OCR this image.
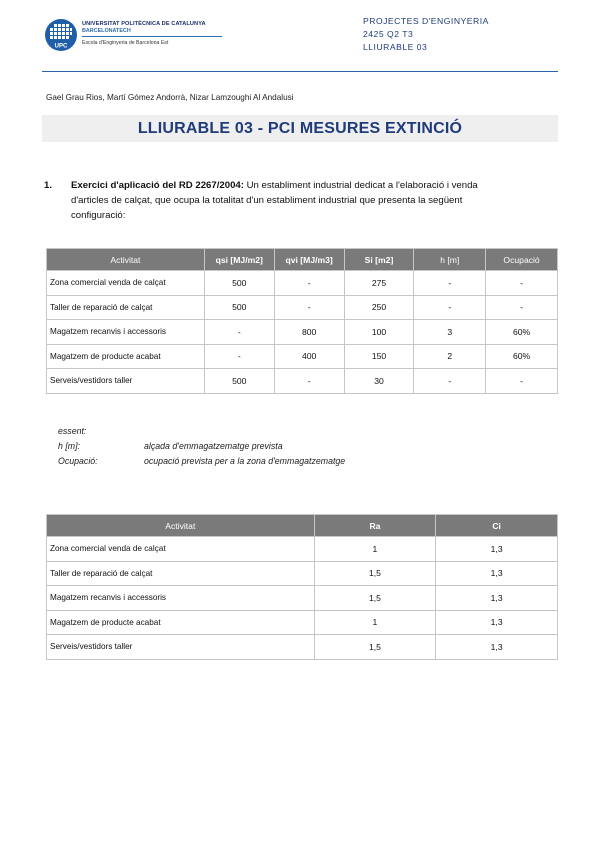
UPC
UNIVERSITAT POLITÈCNICA DE CATALUNYA
BARCELONATECH
Escola d'Enginyeria de Barcelona Est
PROJECTES D'ENGINYERIA
2425 Q2 T3
LLIURABLE 03
Gael Grau Rios, Martí Gómez Andorrà, Nizar Lamzoughi Al Andalusi
LLIURABLE 03 - PCI MESURES EXTINCIÓ
1. Exercici d'aplicació del RD 2267/2004: Un establiment industrial dedicat a l'elaboració i venda
d'articles de calçat, que ocupa la totalitat d'un establiment industrial que presenta la següent
configuració:
Activitat	qsi [MJ/m2]	qvi [MJ/m3]	Si [m2]	h [m]	Ocupació
Zona comercial venda de calçat	500	-	275	-	-
Taller de reparació de calçat	500	-	250	-	-
Magatzem recanvis i accessoris	-	800	100	3	60%
Magatzem de producte acabat	-	400	150	2	60%
Serveis/vestidors taller	500	-	30	-	-
essent:
h [m]:	alçada d'emmagatzematge prevista
Ocupació:	ocupació prevista per a la zona d'emmagatzematge
Activitat	Ra	Ci
Zona comercial venda de calçat	1	1,3
Taller de reparació de calçat	1,5	1,3
Magatzem recanvis i accessoris	1,5	1,3
Magatzem de producte acabat	1	1,3
Serveis/vestidors taller	1,5	1,3
